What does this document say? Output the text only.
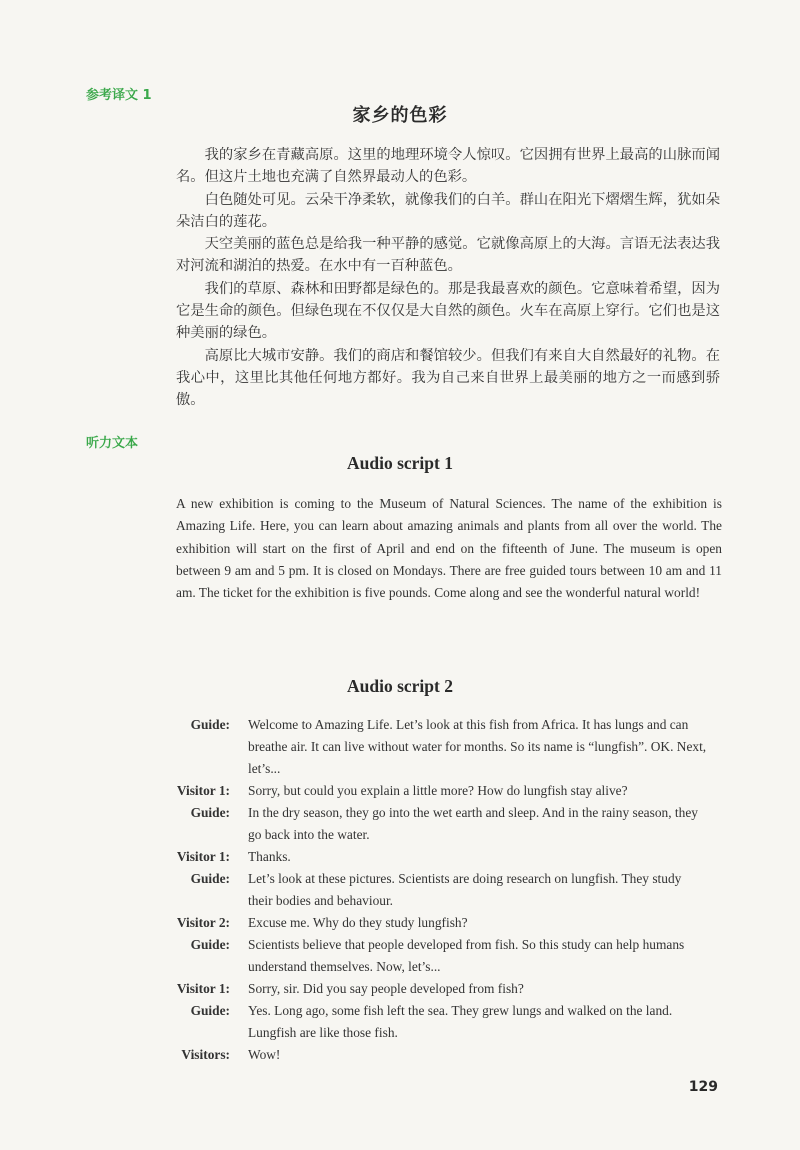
参考译文 1
家乡的色彩

我的家乡在青藏高原。这里的地理环境令人惊叹。它因拥有世界上最高的山脉而闻名。但这片土地也充满了自然界最动人的色彩。

白色随处可见。云朵干净柔软，就像我们的白羊。群山在阳光下熠熠生辉，犹如朵朵洁白的莲花。

天空美丽的蓝色总是给我一种平静的感觉。它就像高原上的大海。言语无法表达我对河流和湖泊的热爱。在水中有一百种蓝色。

我们的草原、森林和田野都是绿色的。那是我最喜欢的颜色。它意味着希望，因为它是生命的颜色。但绿色现在不仅仅是大自然的颜色。火车在高原上穿行。它们也是这种美丽的绿色。

高原比大城市安静。我们的商店和餐馆较少。但我们有来自大自然最好的礼物。在我心中，这里比其他任何地方都好。我为自己来自世界上最美丽的地方之一而感到骄傲。

听力文本
Audio script 1

A new exhibition is coming to the Museum of Natural Sciences. The name of the exhibition is Amazing Life. Here, you can learn about amazing animals and plants from all over the world. The exhibition will start on the first of April and end on the fifteenth of June. The museum is open between 9 am and 5 pm. It is closed on Mondays. There are free guided tours between 10 am and 11 am. The ticket for the exhibition is five pounds. Come along and see the wonderful natural world!

Audio script 2
Guide:	Welcome to Amazing Life. Let’s look at this fish from Africa. It has lungs and can breathe air. It can live without water for months. So its name is “lungfish”. OK. Next, let’s...
Visitor 1:	Sorry, but could you explain a little more? How do lungfish stay alive?
Guide:	In the dry season, they go into the wet earth and sleep. And in the rainy season, they go back into the water.
Visitor 1:	Thanks.
Guide:	Let’s look at these pictures. Scientists are doing research on lungfish. They study their bodies and behaviour.
Visitor 2:	Excuse me. Why do they study lungfish?
Guide:	Scientists believe that people developed from fish. So this study can help humans understand themselves. Now, let’s...
Visitor 1:	Sorry, sir. Did you say people developed from fish?
Guide:	Yes. Long ago, some fish left the sea. They grew lungs and walked on the land. Lungfish are like those fish.
Visitors:	Wow!
129
